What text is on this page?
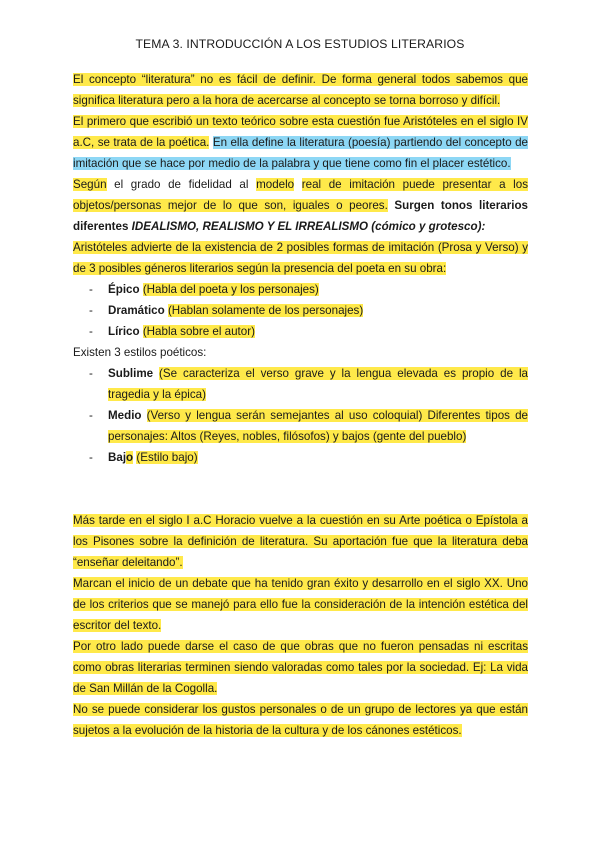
TEMA 3. INTRODUCCIÓN A LOS ESTUDIOS LITERARIOS

El concepto “literatura” no es fácil de definir. De forma general todos sabemos que significa literatura pero a la hora de acercarse al concepto se torna borroso y difícil.

El primero que escribió un texto teórico sobre esta cuestión fue Aristóteles en el siglo IV a.C, se trata de la poética. En ella define la literatura (poesía) partiendo del concepto de imitación que se hace por medio de la palabra y que tiene como fin el placer estético.

Según el grado de fidelidad al modelo real de imitación puede presentar a los objetos/personas mejor de lo que son, iguales o peores. Surgen tonos literarios diferentes IDEALISMO, REALISMO Y EL IRREALISMO (cómico y grotesco):

Aristóteles advierte de la existencia de 2 posibles formas de imitación (Prosa y Verso) y de 3 posibles géneros literarios según la presencia del poeta en su obra:

- Épico (Habla del poeta y los personajes)
- Dramático (Hablan solamente de los personajes)
- Lírico (Habla sobre el autor)

Existen 3 estilos poéticos:

- Sublime (Se caracteriza el verso grave y la lengua elevada es propio de la tragedia y la épica)
- Medio (Verso y lengua serán semejantes al uso coloquial) Diferentes tipos de personajes: Altos (Reyes, nobles, filósofos) y bajos (gente del pueblo)
- Bajo (Estilo bajo)

Más tarde en el siglo I a.C Horacio vuelve a la cuestión en su Arte poética o Epístola a los Pisones sobre la definición de literatura. Su aportación fue que la literatura deba “enseñar deleitando”.

Marcan el inicio de un debate que ha tenido gran éxito y desarrollo en el siglo XX. Uno de los criterios que se manejó para ello fue la consideración de la intención estética del escritor del texto.

Por otro lado puede darse el caso de que obras que no fueron pensadas ni escritas como obras literarias terminen siendo valoradas como tales por la sociedad. Ej: La vida de San Millán de la Cogolla.

No se puede considerar los gustos personales o de un grupo de lectores ya que están sujetos a la evolución de la historia de la cultura y de los cánones estéticos.
